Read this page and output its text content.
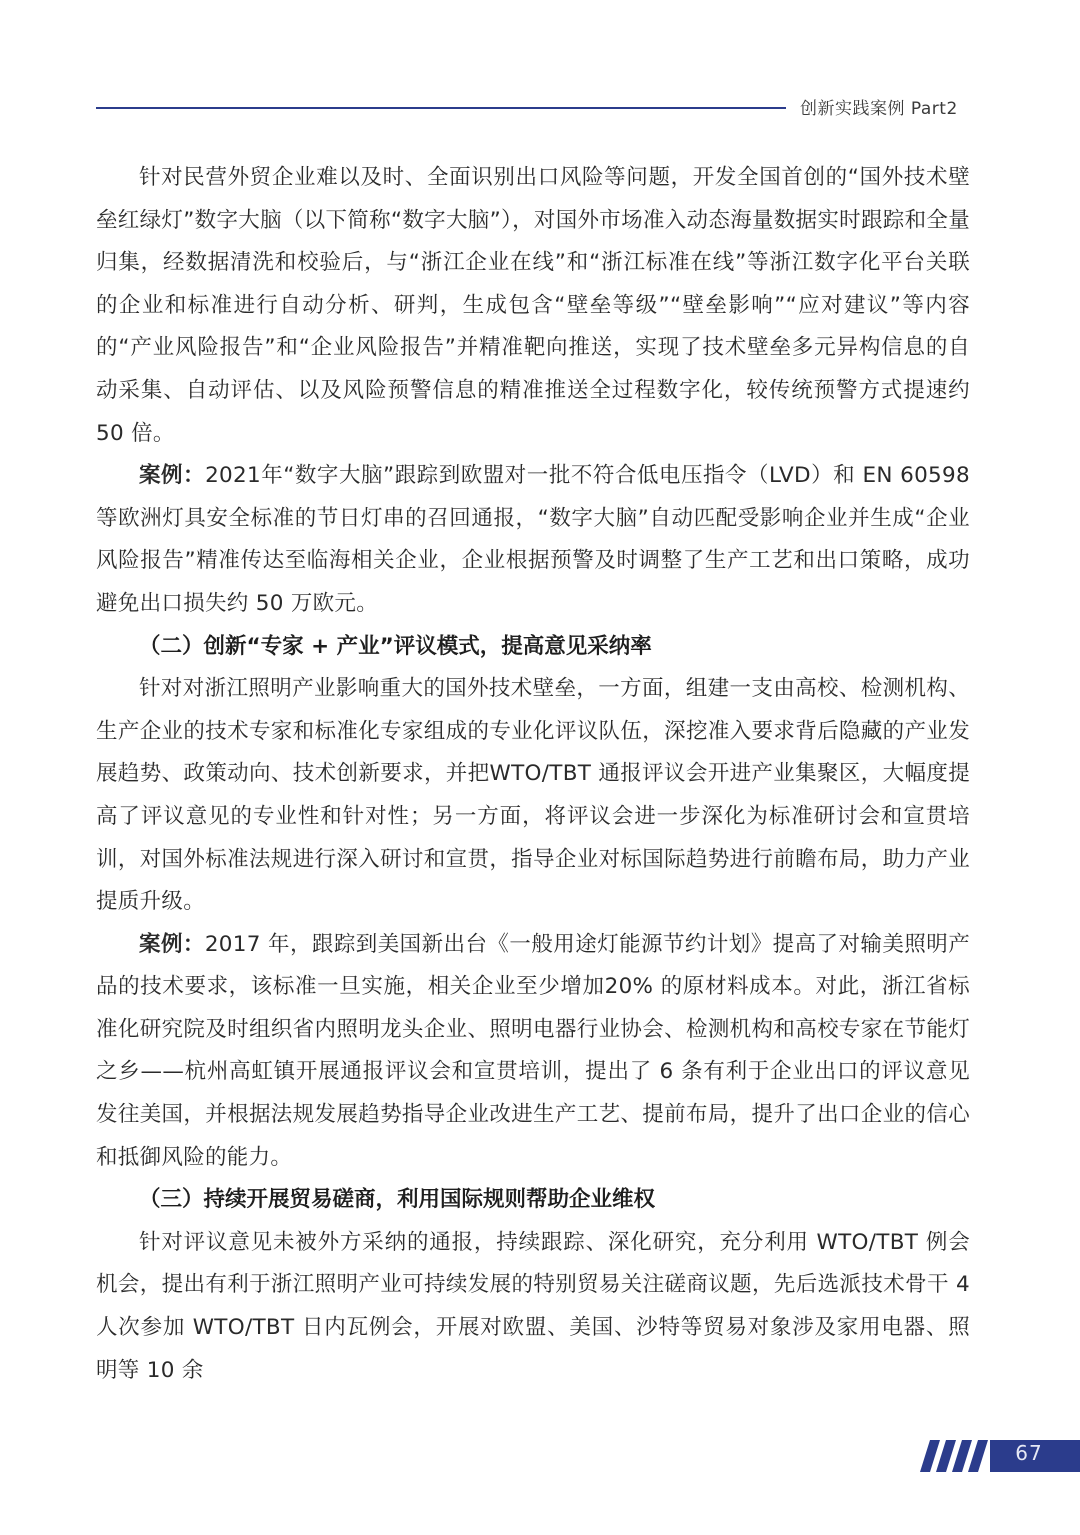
创新实践案例 Part2

针对民营外贸企业难以及时、全面识别出口风险等问题，开发全国首创的“国外技术壁垒红绿灯”数字大脑（以下简称“数字大脑”），对国外市场准入动态海量数据实时跟踪和全量归集，经数据清洗和校验后，与“浙江企业在线”和“浙江标准在线”等浙江数字化平台关联的企业和标准进行自动分析、研判，生成包含“壁垒等级”“壁垒影响”“应对建议”等内容的“产业风险报告”和“企业风险报告”并精准靶向推送，实现了技术壁垒多元异构信息的自动采集、自动评估、以及风险预警信息的精准推送全过程数字化，较传统预警方式提速约 50 倍。

案例：2021年“数字大脑”跟踪到欧盟对一批不符合低电压指令（LVD）和 EN 60598 等欧洲灯具安全标准的节日灯串的召回通报，“数字大脑”自动匹配受影响企业并生成“企业风险报告”精准传达至临海相关企业，企业根据预警及时调整了生产工艺和出口策略，成功避免出口损失约 50 万欧元。

（二）创新“专家 + 产业”评议模式，提高意见采纳率

针对对浙江照明产业影响重大的国外技术壁垒，一方面，组建一支由高校、检测机构、生产企业的技术专家和标准化专家组成的专业化评议队伍，深挖准入要求背后隐藏的产业发展趋势、政策动向、技术创新要求，并把WTO/TBT 通报评议会开进产业集聚区，大幅度提高了评议意见的专业性和针对性；另一方面，将评议会进一步深化为标准研讨会和宣贯培训，对国外标准法规进行深入研讨和宣贯，指导企业对标国际趋势进行前瞻布局，助力产业提质升级。

案例：2017 年，跟踪到美国新出台《一般用途灯能源节约计划》提高了对输美照明产品的技术要求，该标准一旦实施，相关企业至少增加20% 的原材料成本。对此，浙江省标准化研究院及时组织省内照明龙头企业、照明电器行业协会、检测机构和高校专家在节能灯之乡——杭州高虹镇开展通报评议会和宣贯培训，提出了 6 条有利于企业出口的评议意见发往美国，并根据法规发展趋势指导企业改进生产工艺、提前布局，提升了出口企业的信心和抵御风险的能力。

（三）持续开展贸易磋商，利用国际规则帮助企业维权

针对评议意见未被外方采纳的通报，持续跟踪、深化研究，充分利用 WTO/TBT 例会机会，提出有利于浙江照明产业可持续发展的特别贸易关注磋商议题，先后选派技术骨干 4 人次参加 WTO/TBT 日内瓦例会，开展对欧盟、美国、沙特等贸易对象涉及家用电器、照明等 10 余

67
